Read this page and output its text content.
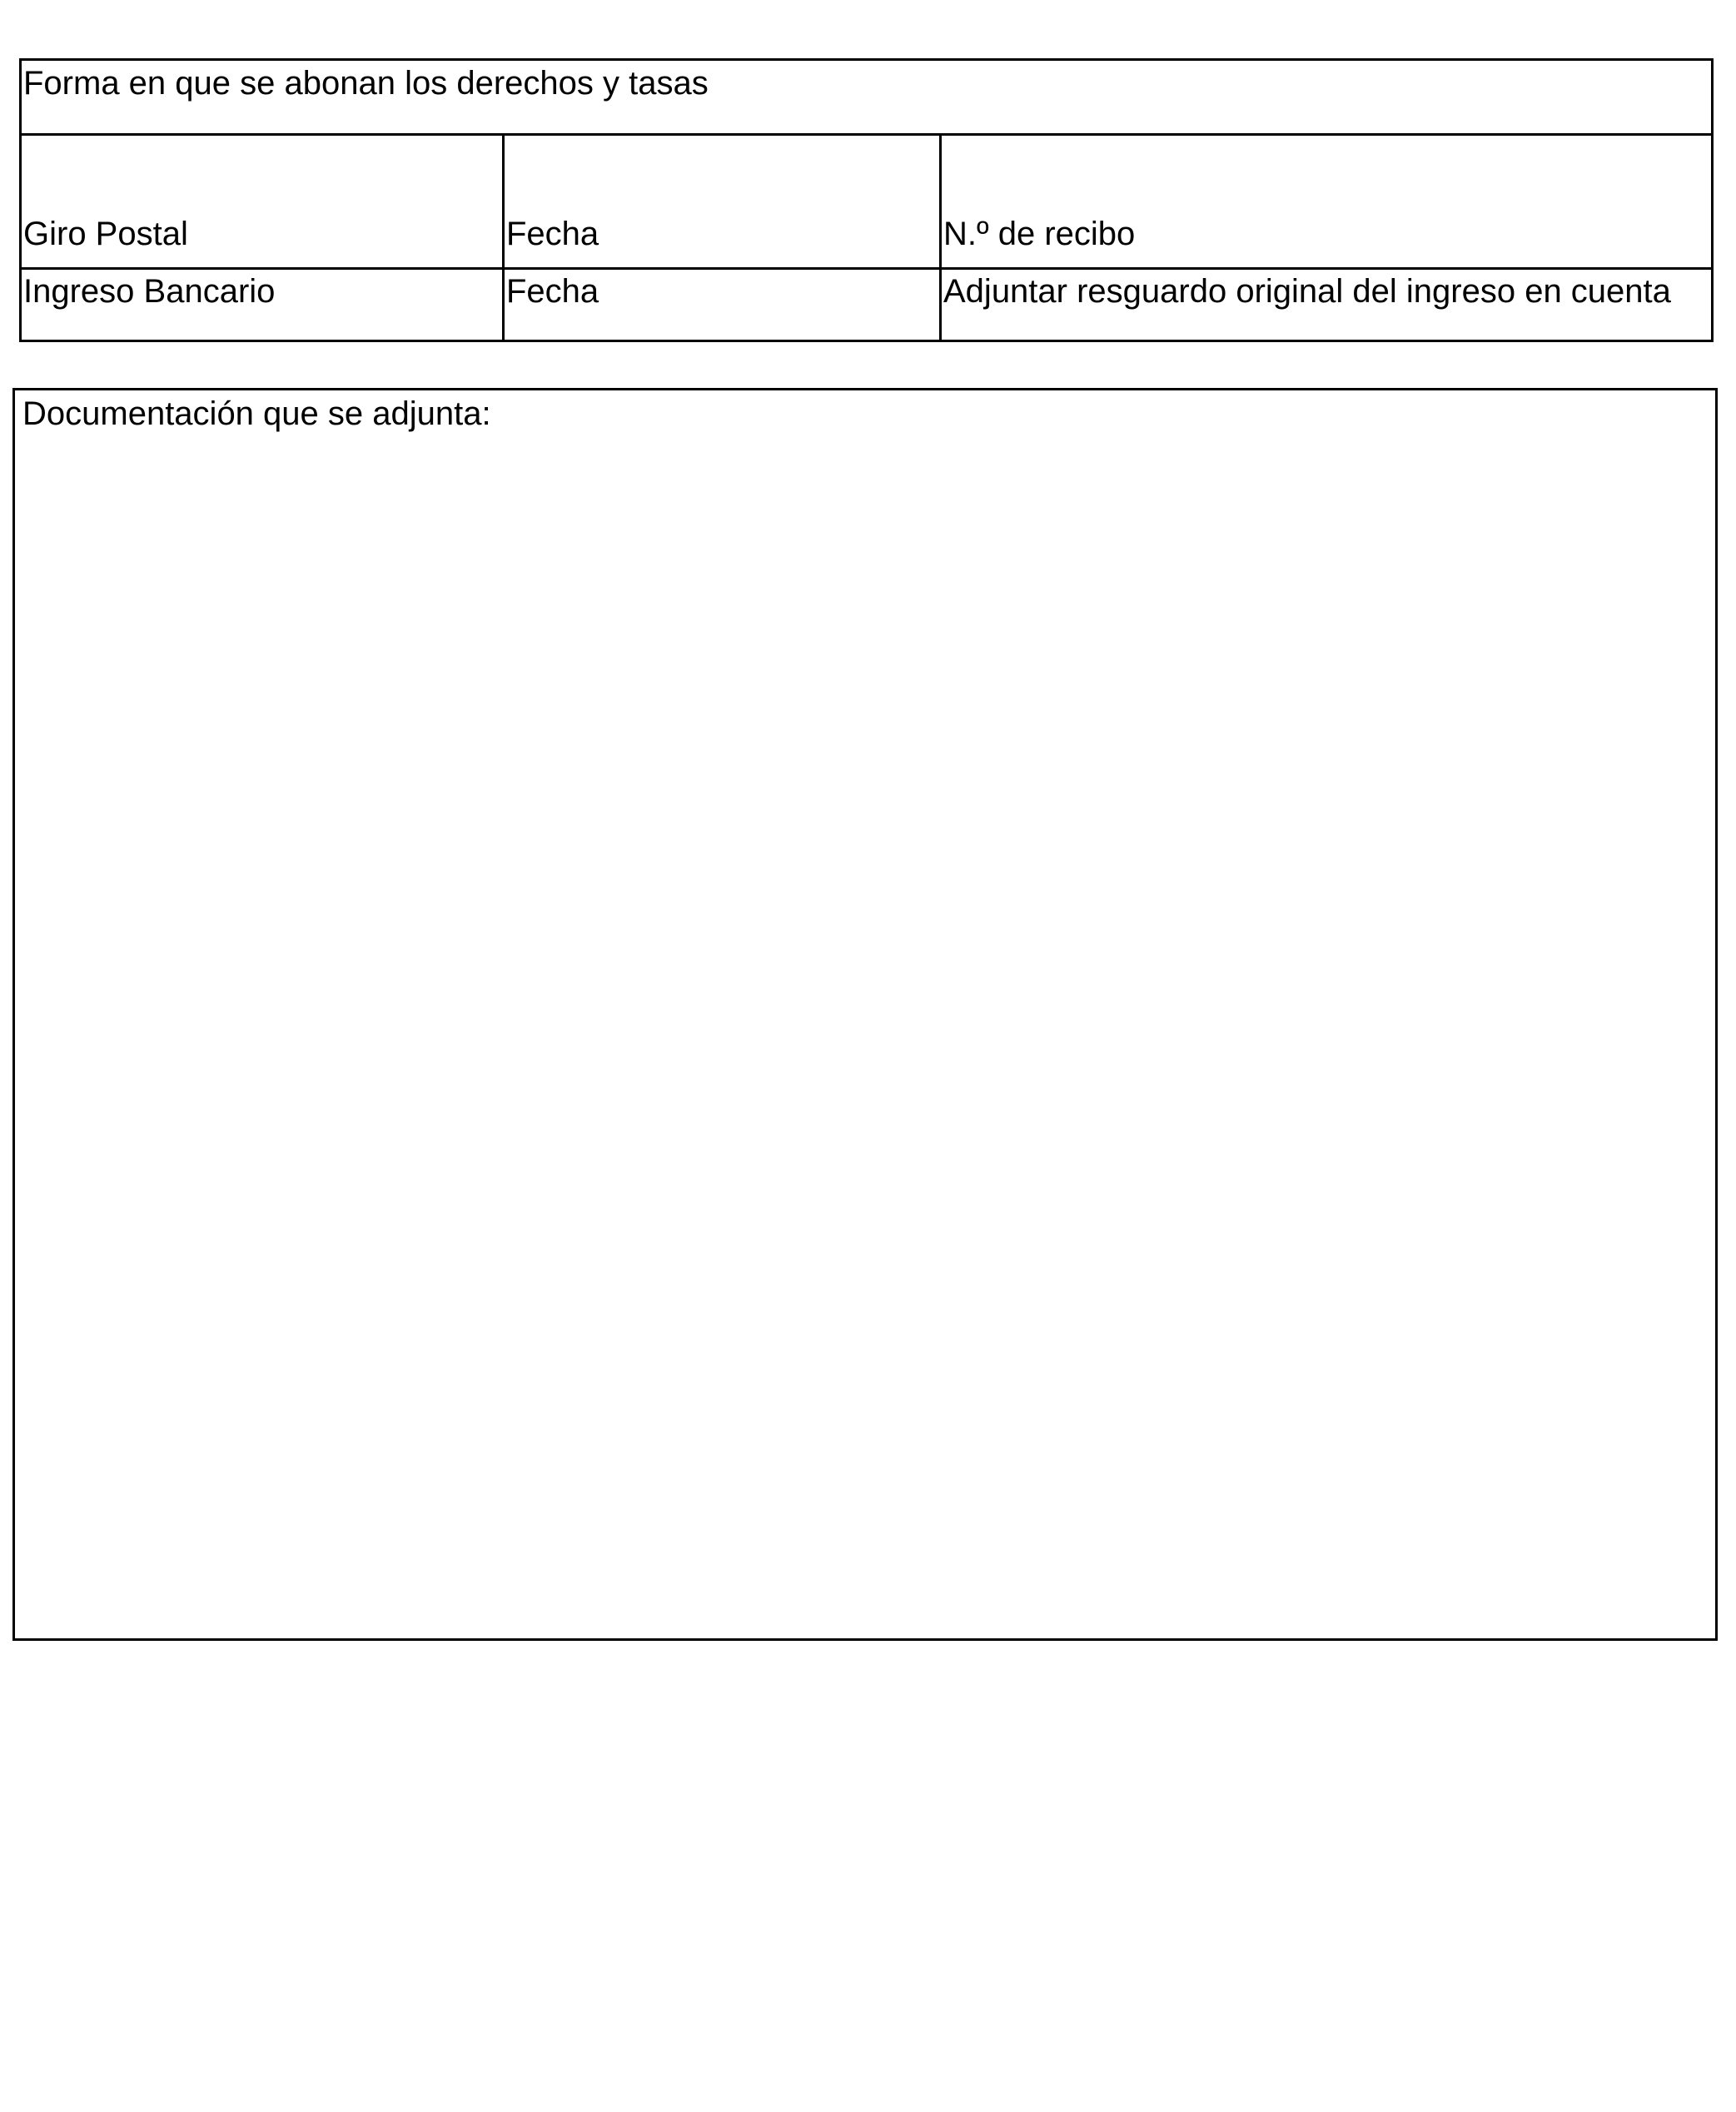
Forma en que se abonan los derechos y tasas		
Giro Postal	Fecha	N.º de recibo
Ingreso Bancario	Fecha	Adjuntar resguardo original del ingreso en cuenta
Documentación que se adjunta:
